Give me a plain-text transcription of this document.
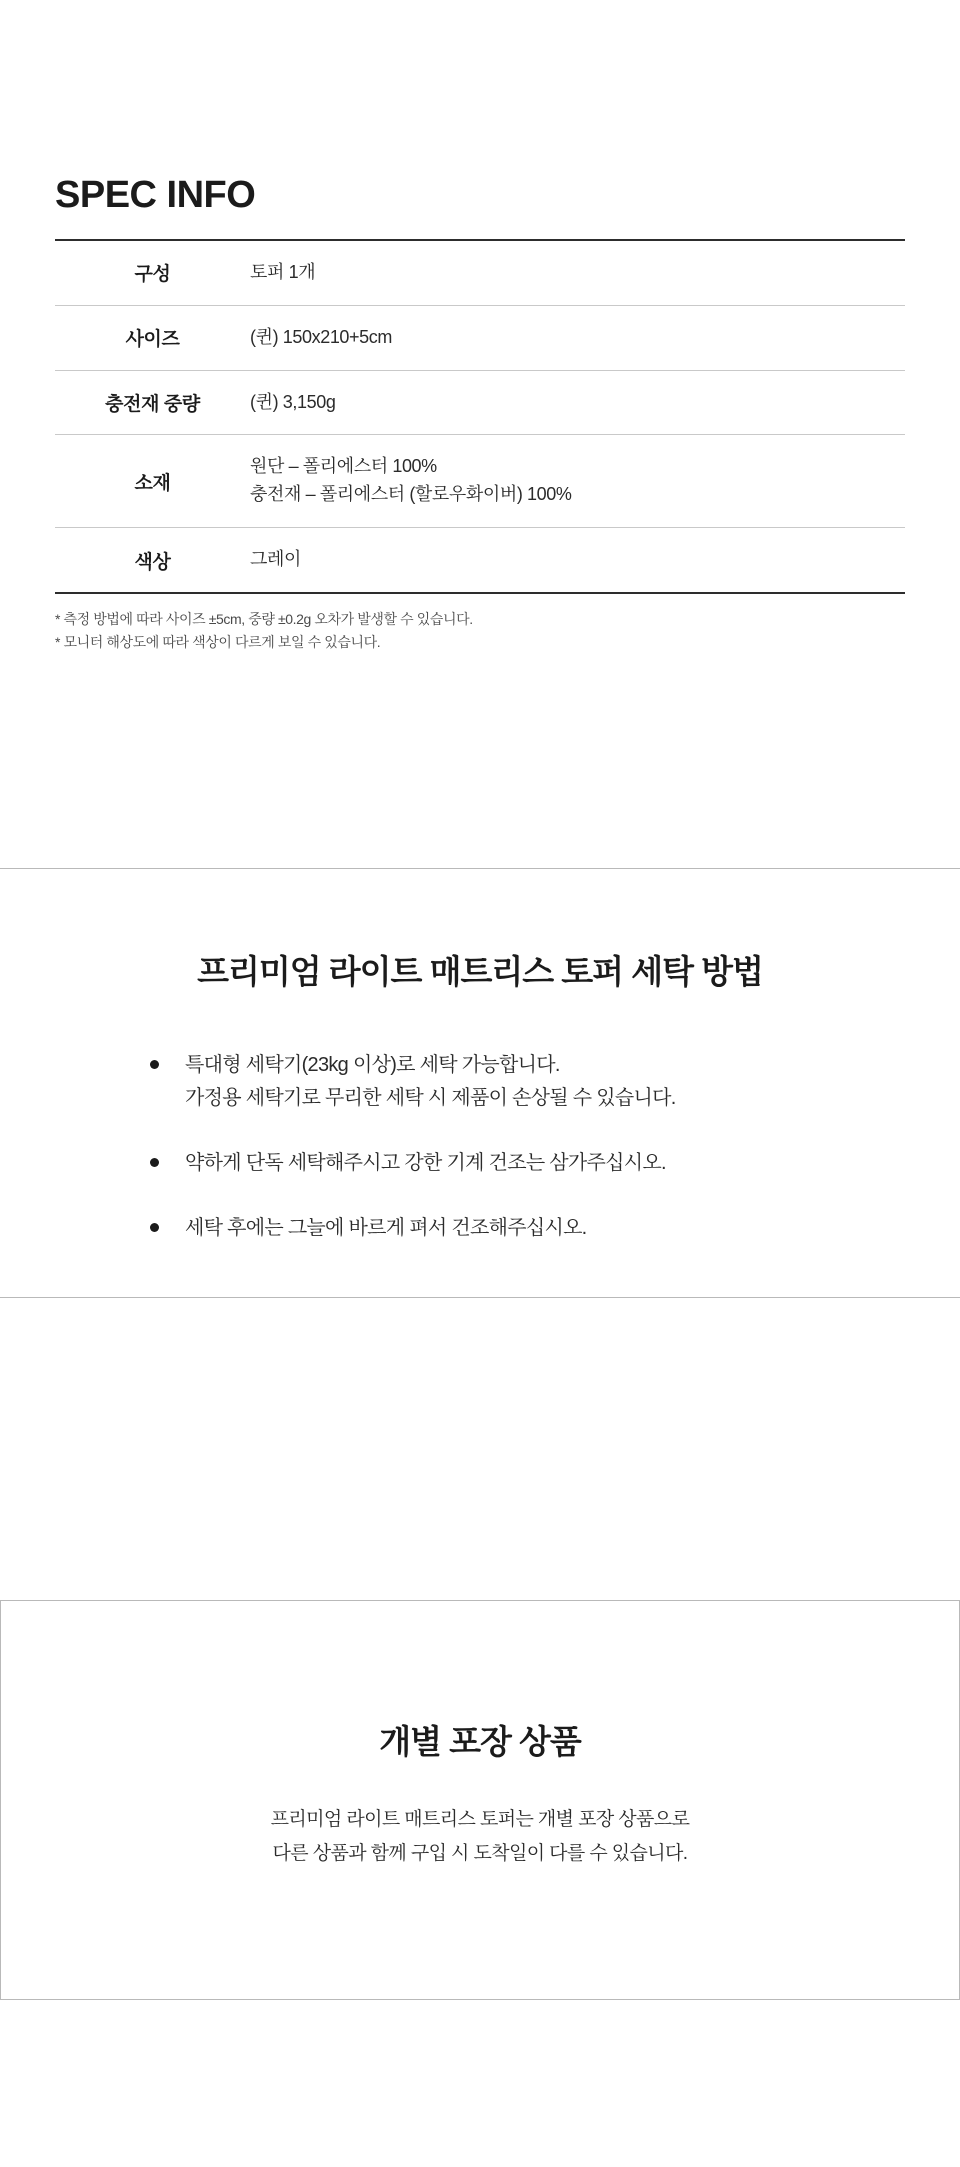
SPEC INFO
구성	토퍼 1개
사이즈	(퀸) 150x210+5cm
충전재 중량	(퀸) 3,150g
소재	원단 – 폴리에스터 100%
충전재 – 폴리에스터 (할로우화이버) 100%

색상	그레이
* 측정 방법에 따라 사이즈 ±5cm, 중량 ±0.2g 오차가 발생할 수 있습니다.
* 모니터 해상도에 따라 색상이 다르게 보일 수 있습니다.
프리미엄 라이트 매트리스 토퍼 세탁 방법
특대형 세탁기(23kg 이상)로 세탁 가능합니다.
가정용 세탁기로 무리한 세탁 시 제품이 손상될 수 있습니다.
약하게 단독 세탁해주시고 강한 기계 건조는 삼가주십시오.
세탁 후에는 그늘에 바르게 펴서 건조해주십시오.
개별 포장 상품

프리미엄 라이트 매트리스 토퍼는 개별 포장 상품으로
다른 상품과 함께 구입 시 도착일이 다를 수 있습니다.
